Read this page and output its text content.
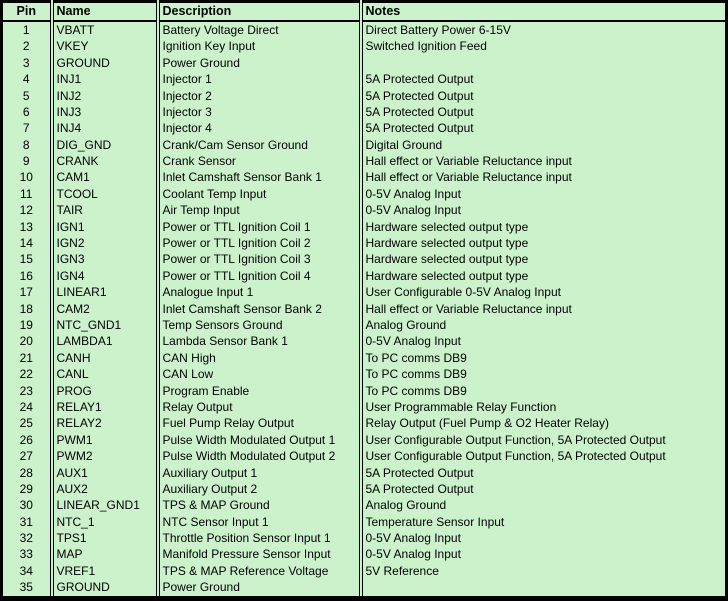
Pin	Name	Description	Notes
1	VBATT	Battery Voltage Direct	Direct Battery Power 6-15V
2	VKEY	Ignition Key Input	Switched Ignition Feed
3	GROUND	Power Ground	
4	INJ1	Injector 1	5A Protected Output
5	INJ2	Injector 2	5A Protected Output
6	INJ3	Injector 3	5A Protected Output
7	INJ4	Injector 4	5A Protected Output
8	DIG_GND	Crank/Cam Sensor Ground	Digital Ground
9	CRANK	Crank Sensor	Hall effect or Variable Reluctance input
10	CAM1	Inlet Camshaft Sensor Bank 1	Hall effect or Variable Reluctance input
11	TCOOL	Coolant Temp Input	0-5V Analog Input
12	TAIR	Air Temp Input	0-5V Analog Input
13	IGN1	Power or TTL Ignition Coil 1	Hardware selected output type
14	IGN2	Power or TTL Ignition Coil 2	Hardware selected output type
15	IGN3	Power or TTL Ignition Coil 3	Hardware selected output type
16	IGN4	Power or TTL Ignition Coil 4	Hardware selected output type
17	LINEAR1	Analogue Input 1	User Configurable 0-5V Analog Input
18	CAM2	Inlet Camshaft Sensor Bank 2	Hall effect or Variable Reluctance input
19	NTC_GND1	Temp Sensors Ground	Analog Ground
20	LAMBDA1	Lambda Sensor Bank 1	0-5V Analog Input
21	CANH	CAN High	To PC comms DB9
22	CANL	CAN Low	To PC comms DB9
23	PROG	Program Enable	To PC comms DB9
24	RELAY1	Relay Output	User Programmable Relay Function
25	RELAY2	Fuel Pump Relay Output	Relay Output (Fuel Pump & O2 Heater Relay)
26	PWM1	Pulse Width Modulated Output 1	User Configurable Output Function, 5A Protected Output
27	PWM2	Pulse Width Modulated Output 2	User Configurable Output Function, 5A Protected Output
28	AUX1	Auxiliary Output 1	5A Protected Output
29	AUX2	Auxiliary Output 2	5A Protected Output
30	LINEAR_GND1	TPS & MAP Ground	Analog Ground
31	NTC_1	NTC Sensor Input 1	Temperature Sensor Input
32	TPS1	Throttle Position Sensor Input 1	0-5V Analog Input
33	MAP	Manifold Pressure Sensor Input	0-5V Analog Input
34	VREF1	TPS & MAP Reference Voltage	5V Reference
35	GROUND	Power Ground	
